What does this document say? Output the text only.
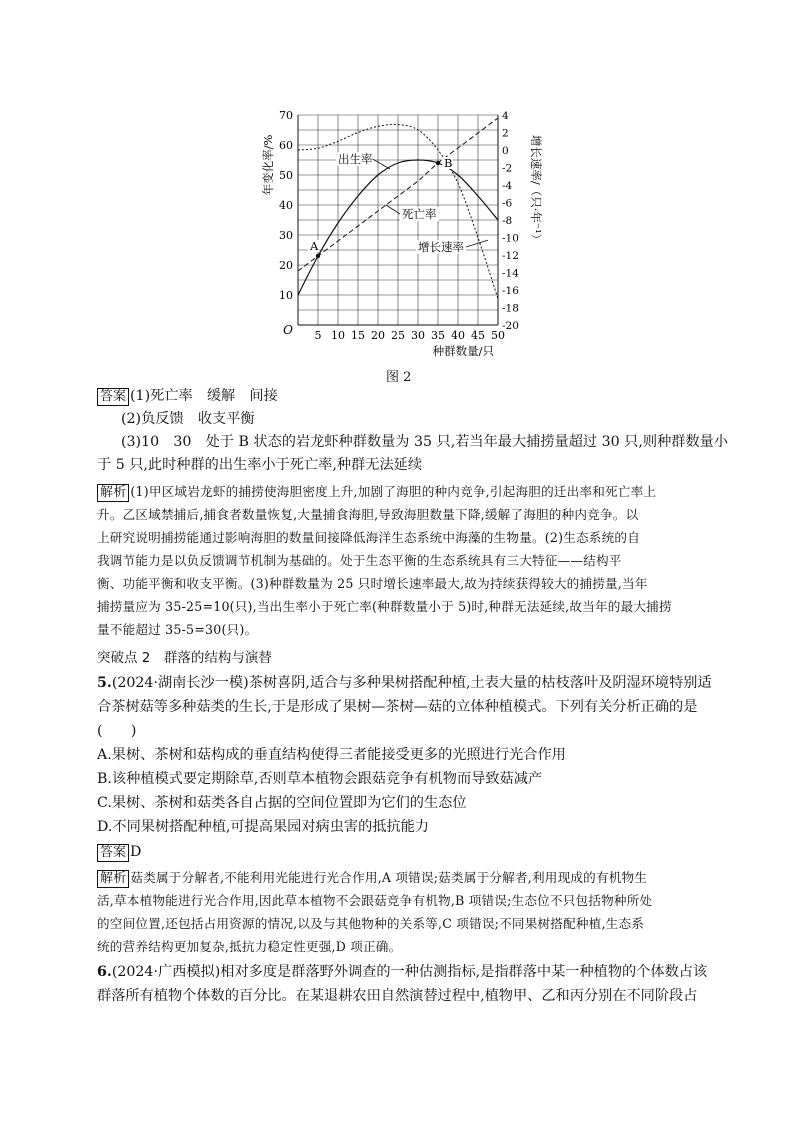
5 10 15 20 25 30 35 40 45 50
10
20
30
40
50
60
70	4
2
0
-2
-4
-6
-8
-10
-12
-14
-16
-18
-20
O
种群数量/只
年变化率/%	增长速率/（只·年⁻¹）
出生率
死亡率
增长速率
A
B
图 2
答案 (1)死亡率　缓解　间接
(2)负反馈　收支平衡
(3)10　30　处于 B 状态的岩龙虾种群数量为 35 只,若当年最大捕捞量超过 30 只,则种群数量小
于 5 只,此时种群的出生率小于死亡率,种群无法延续
解析 (1)甲区域岩龙虾的捕捞使海胆密度上升,加剧了海胆的种内竞争,引起海胆的迁出率和死亡率上
升。乙区域禁捕后,捕食者数量恢复,大量捕食海胆,导致海胆数量下降,缓解了海胆的种内竞争。以
上研究说明捕捞能通过影响海胆的数量间接降低海洋生态系统中海藻的生物量。(2)生态系统的自
我调节能力是以负反馈调节机制为基础的。处于生态平衡的生态系统具有三大特征——结构平
衡、功能平衡和收支平衡。(3)种群数量为 25 只时增长速率最大,故为持续获得较大的捕捞量,当年
捕捞量应为 35-25=10(只),当出生率小于死亡率(种群数量小于 5)时,种群无法延续,故当年的最大捕捞
量不能超过 35-5=30(只)。
突破点 2　群落的结构与演替
5.(2024·湖南长沙一模)茶树喜阴,适合与多种果树搭配种植,土表大量的枯枝落叶及阴湿环境特别适
合茶树菇等多种菇类的生长,于是形成了果树—茶树—菇的立体种植模式。下列有关分析正确的是
(　　)
A.果树、茶树和菇构成的垂直结构使得三者能接受更多的光照进行光合作用
B.该种植模式要定期除草,否则草本植物会跟菇竞争有机物而导致菇减产
C.果树、茶树和菇类各自占据的空间位置即为它们的生态位
D.不同果树搭配种植,可提高果园对病虫害的抵抗能力
答案 D
解析 菇类属于分解者,不能利用光能进行光合作用,A 项错误;菇类属于分解者,利用现成的有机物生
活,草本植物能进行光合作用,因此草本植物不会跟菇竞争有机物,B 项错误;生态位不只包括物种所处
的空间位置,还包括占用资源的情况,以及与其他物种的关系等,C 项错误;不同果树搭配种植,生态系
统的营养结构更加复杂,抵抗力稳定性更强,D 项正确。
6.(2024·广西模拟)相对多度是群落野外调查的一种估测指标,是指群落中某一种植物的个体数占该
群落所有植物个体数的百分比。在某退耕农田自然演替过程中,植物甲、乙和丙分别在不同阶段占
